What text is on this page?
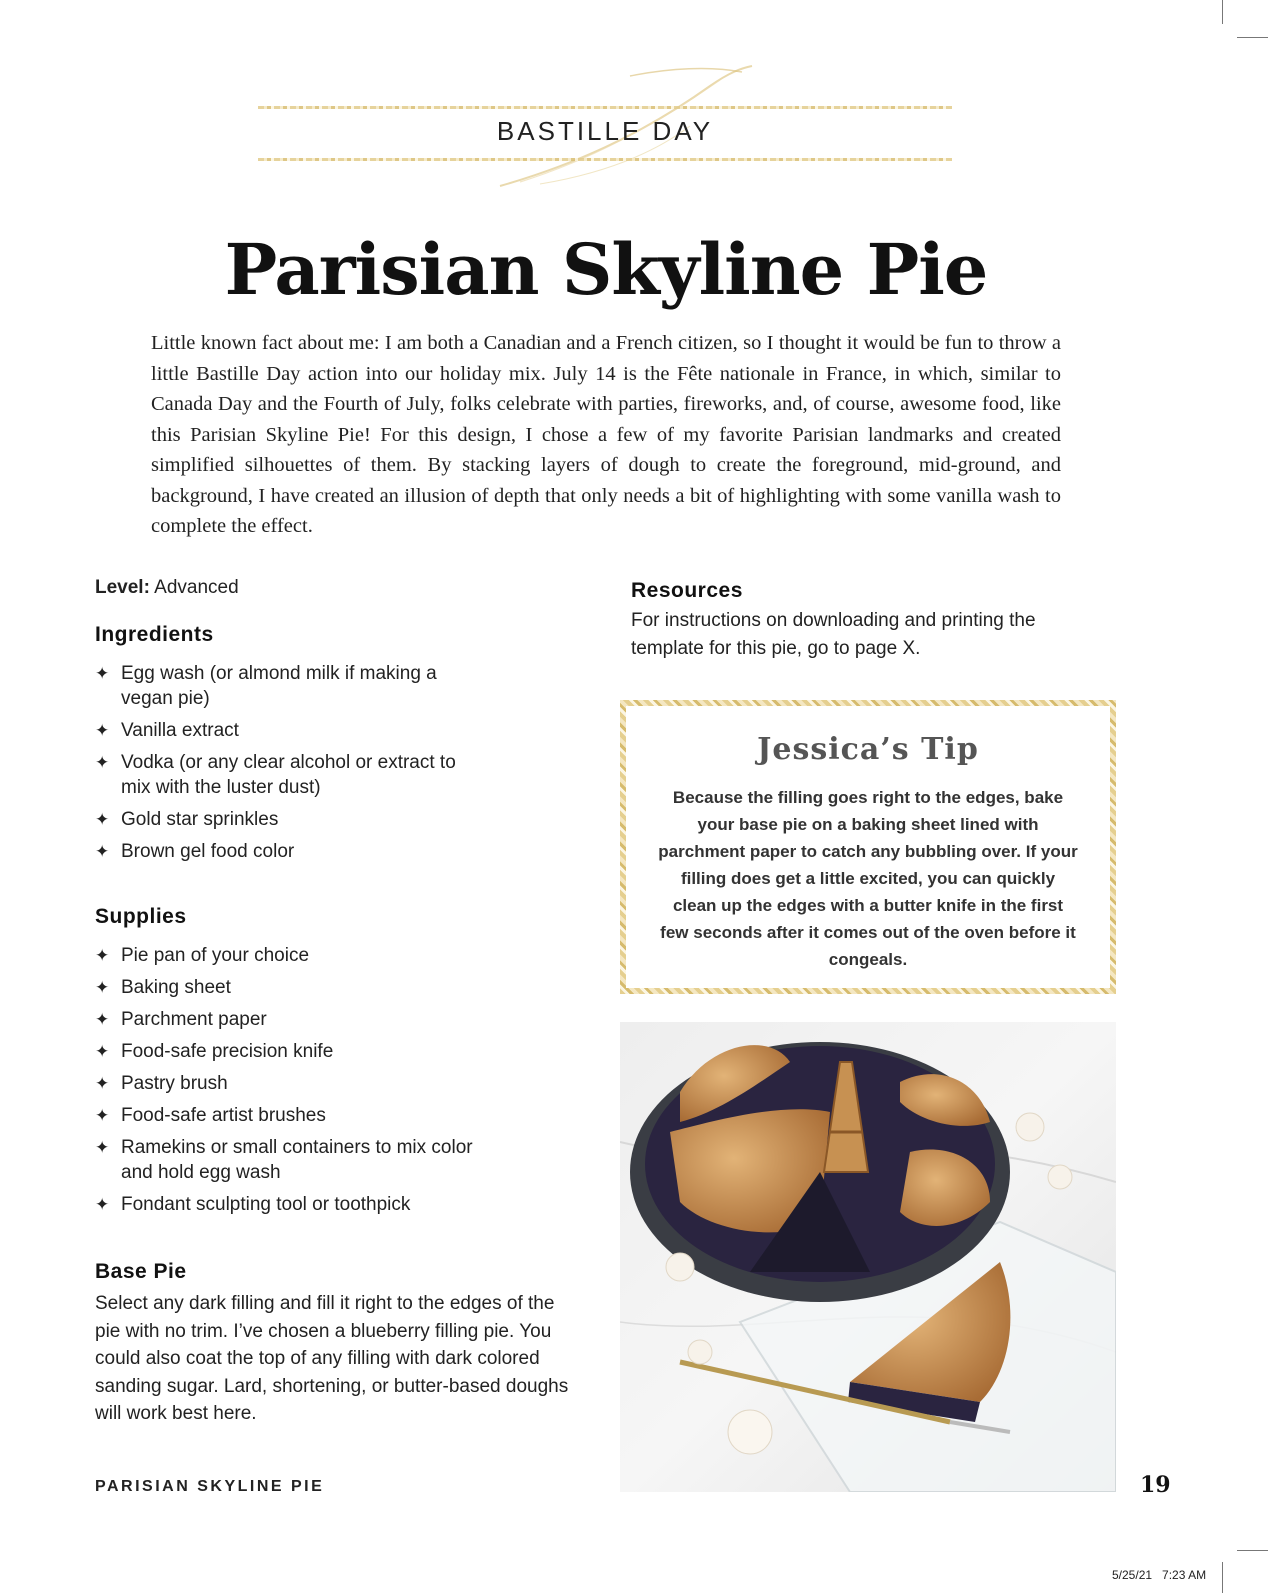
BASTILLE DAY
Parisian Skyline Pie
Little known fact about me: I am both a Canadian and a French citizen, so I thought it would be fun to throw a little Bastille Day action into our holiday mix. July 14 is the Fête nationale in France, in which, similar to Canada Day and the Fourth of July, folks celebrate with parties, fireworks, and, of course, awesome food, like this Parisian Skyline Pie! For this design, I chose a few of my favorite Parisian landmarks and created simplified silhouettes of them. By stacking layers of dough to create the foreground, mid-ground, and background, I have created an illusion of depth that only needs a bit of highlighting with some vanilla wash to complete the effect.
Level: Advanced
Ingredients
✦ Egg wash (or almond milk if making a vegan pie)
✦ Vanilla extract
✦ Vodka (or any clear alcohol or extract to mix with the luster dust)
✦ Gold star sprinkles
✦ Brown gel food color
Supplies
✦ Pie pan of your choice
✦ Baking sheet
✦ Parchment paper
✦ Food-safe precision knife
✦ Pastry brush
✦ Food-safe artist brushes
✦ Ramekins or small containers to mix color and hold egg wash
✦ Fondant sculpting tool or toothpick
Base Pie
Select any dark filling and fill it right to the edges of the pie with no trim. I’ve chosen a blueberry filling pie. You could also coat the top of any filling with dark colored sanding sugar. Lard, shortening, or butter-based doughs will work best here.
Resources
For instructions on downloading and printing the template for this pie, go to page X.
Jessica’s Tip
Because the filling goes right to the edges, bake your base pie on a baking sheet lined with parchment paper to catch any bubbling over. If your filling does get a little excited, you can quickly clean up the edges with a butter knife in the first few seconds after it comes out of the oven before it congeals.
PARISIAN SKYLINE PIE	19
5/25/21   7:23 AM
